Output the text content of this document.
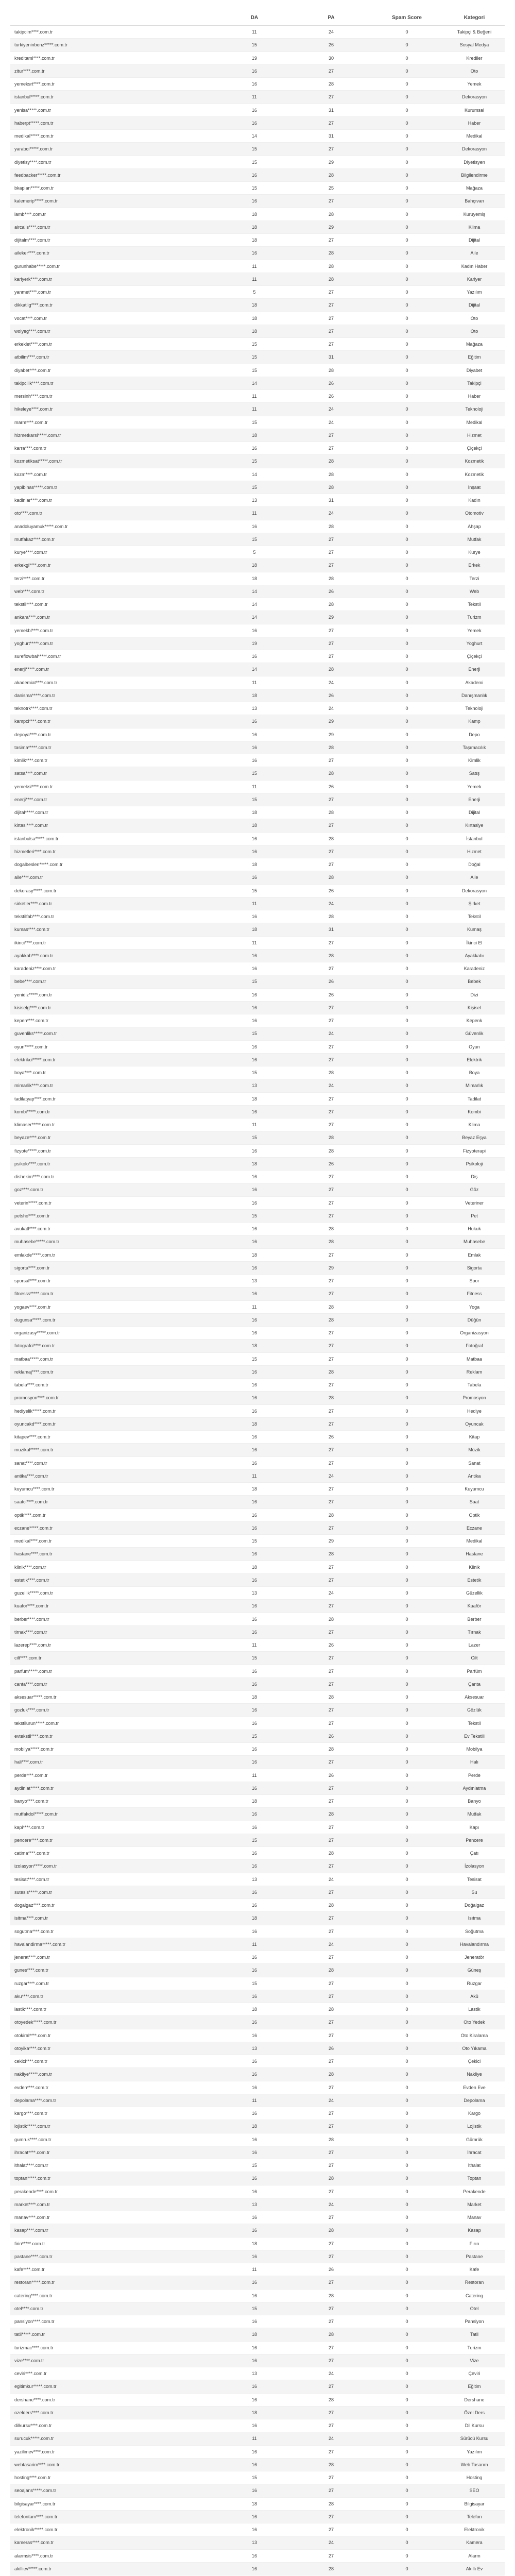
	DA	PA	Spam Score	Kategori
takipcim****.com.tr	11	24	0	Takipçi & Beğeni
turkiyeninbenz*****.com.tr	15	26	0	Sosyal Medya
kreditaml****.com.tr	19	30	0	Krediler
zitur****.com.tr	16	27	0	Oto
yemeksrt****.com.tr	16	28	0	Yemek
istanbul*****.com.tr	11	27	0	Dekorasyon
yenisa*****.com.tr	16	31	0	Kurumsal
haberpt*****.com.tr	16	27	0	Haber
medikal*****.com.tr	14	31	0	Medikal
yaratıcı*****.com.tr	15	27	0	Dekorasyon
diyetisy****.com.tr	15	29	0	Diyetisyen
feedbacker*****.com.tr	16	28	0	Bilgilendirme
bkaplan*****.com.tr	15	25	0	Mağaza
kalemerip*****.com.tr	16	27	0	Bahçıvan
lamb****.com.tr	18	28	0	Kuruyemiş
aircalis****.com.tr	18	29	0	Klima
dijitalm****.com.tr	18	27	0	Dijital
aileker****.com.tr	16	28	0	Aile
gurunhabe*****.com.tr	11	28	0	Kadın Haber
kariyerk****.com.tr	11	28	0	Kariyer
yanmet****.com.tr	5	27	0	Yazılım
dikkatlig****.com.tr	18	27	0	Dijital
vocat****.com.tr	18	27	0	Oto
wolyeg****.com.tr	18	27	0	Oto
erkeklet****.com.tr	15	27	0	Mağaza
atbilim****.com.tr	15	31	0	Eğitim
diyabet****.com.tr	15	28	0	Diyabet
takipcilik****.com.tr	14	26	0	Takipçi
mersinh****.com.tr	11	26	0	Haber
hikeleye****.com.tr	11	24	0	Teknoloji
marm****.com.tr	15	24	0	Medikal
hizmetkarsi*****.com.tr	18	27	0	Hizmet
karra****.com.tr	16	27	0	Çiçekçi
kozmetiksat*****.com.tr	15	28	0	Kozmetik
kozm****.com.tr	14	28	0	Kozmetik
yapibinas*****.com.tr	15	28	0	İnşaat
kadinlar****.com.tr	13	31	0	Kadın
oto****.com.tr	11	24	0	Otomotiv
anadoluyamuk*****.com.tr	16	28	0	Ahşap
mutfakaz****.com.tr	15	27	0	Mutfak
kurye****.com.tr	5	27	0	Kurye
erkekgi****.com.tr	18	27	0	Erkek
terzi****.com.tr	18	28	0	Terzi
web****.com.tr	14	26	0	Web
tekstil****.com.tr	14	28	0	Tekstil
ankara****.com.tr	14	29	0	Turizm
yemekbl****.com.tr	16	27	0	Yemek
yoghurt*****.com.tr	19	27	0	Yoghurt
sureflowbal*****.com.tr	16	27	0	Çiçekçi
enerji*****.com.tr	14	28	0	Enerji
akademiat****.com.tr	11	24	0	Akademi
danisma*****.com.tr	18	26	0	Danışmanlık
teknotrk****.com.tr	13	24	0	Teknoloji
kampci****.com.tr	16	29	0	Kamp
depoya****.com.tr	16	29	0	Depo
tasima*****.com.tr	16	28	0	Taşımacılık
kimlik****.com.tr	16	27	0	Kimlik
satsa****.com.tr	15	28	0	Satış
yemeksi****.com.tr	11	26	0	Yemek
enerji****.com.tr	15	27	0	Enerji
dijital*****.com.tr	18	28	0	Dijital
kirtasi****.com.tr	18	27	0	Kırtasiye
istanbulsa*****.com.tr	16	28	0	İstanbul
hizmetleri****.com.tr	16	27	0	Hizmet
dogalbeslen*****.com.tr	18	27	0	Doğal
aile****.com.tr	16	28	0	Aile
dekorasy*****.com.tr	15	26	0	Dekorasyon
sirketler****.com.tr	11	24	0	Şirket
tekstilfab****.com.tr	16	28	0	Tekstil
kumas****.com.tr	18	31	0	Kumaş
ikinci****.com.tr	11	27	0	İkinci El
ayakkab****.com.tr	16	28	0	Ayakkabı
karadeniz****.com.tr	16	27	0	Karadeniz
bebe****.com.tr	15	26	0	Bebek
yenidiz*****.com.tr	16	26	0	Dizi
kisiselg****.com.tr	16	27	0	Kişisel
kepen****.com.tr	16	27	0	Kepenk
guvenliks*****.com.tr	15	24	0	Güvenlik
oyun*****.com.tr	16	27	0	Oyun
elektrikci*****.com.tr	16	27	0	Elektrik
boya****.com.tr	15	28	0	Boya
mimarlik****.com.tr	13	24	0	Mimarlık
tadilatyap****.com.tr	18	27	0	Tadilat
kombi*****.com.tr	16	27	0	Kombi
klimaser*****.com.tr	11	27	0	Klima
beyaze****.com.tr	15	28	0	Beyaz Eşya
fizyote*****.com.tr	16	28	0	Fizyoterapi
psikolo****.com.tr	18	26	0	Psikoloji
dishekim****.com.tr	16	27	0	Diş
goz****.com.tr	16	27	0	Göz
veterin*****.com.tr	16	27	0	Veteriner
petsho****.com.tr	15	27	0	Pet
avukatl****.com.tr	16	28	0	Hukuk
muhasebe*****.com.tr	16	28	0	Muhasebe
emlakde*****.com.tr	18	27	0	Emlak
sigorta****.com.tr	16	29	0	Sigorta
sporsal****.com.tr	13	27	0	Spor
fitnesss*****.com.tr	16	27	0	Fitness
yogaev****.com.tr	11	28	0	Yoga
dugunsa*****.com.tr	16	28	0	Düğün
organizasy*****.com.tr	16	27	0	Organizasyon
fotografci****.com.tr	18	27	0	Fotoğraf
matbaa*****.com.tr	15	27	0	Matbaa
reklamaj****.com.tr	16	28	0	Reklam
tabela****.com.tr	16	27	0	Tabela
promosyon****.com.tr	16	28	0	Promosyon
hediyelik*****.com.tr	16	27	0	Hediye
oyuncakd****.com.tr	18	27	0	Oyuncak
kitapev****.com.tr	16	26	0	Kitap
muzikal*****.com.tr	16	27	0	Müzik
sanat****.com.tr	16	27	0	Sanat
antika****.com.tr	11	24	0	Antika
kuyumcu****.com.tr	18	27	0	Kuyumcu
saatci****.com.tr	16	27	0	Saat
optik****.com.tr	16	28	0	Optik
eczane*****.com.tr	16	27	0	Eczane
medikal****.com.tr	15	29	0	Medikal
hastane****.com.tr	16	28	0	Hastane
klinik****.com.tr	18	27	0	Klinik
estetik****.com.tr	16	27	0	Estetik
guzellik*****.com.tr	13	24	0	Güzellik
kuafor****.com.tr	16	27	0	Kuaför
berber****.com.tr	16	28	0	Berber
tirnak****.com.tr	16	27	0	Tırnak
lazerep****.com.tr	11	26	0	Lazer
cilt****.com.tr	15	27	0	Cilt
parfum*****.com.tr	16	27	0	Parfüm
canta****.com.tr	16	27	0	Çanta
aksesuar*****.com.tr	18	28	0	Aksesuar
gozluk****.com.tr	16	27	0	Gözlük
tekstilurun*****.com.tr	16	27	0	Tekstil
evtekstil****.com.tr	15	26	0	Ev Tekstili
mobilya*****.com.tr	16	28	0	Mobilya
hali****.com.tr	16	27	0	Halı
perde****.com.tr	11	26	0	Perde
aydinlat*****.com.tr	16	27	0	Aydınlatma
banyo****.com.tr	18	27	0	Banyo
mutfakdol*****.com.tr	16	28	0	Mutfak
kapi****.com.tr	16	27	0	Kapı
pencere****.com.tr	15	27	0	Pencere
catima****.com.tr	16	28	0	Çatı
izolasyon*****.com.tr	16	27	0	İzolasyon
tesisat****.com.tr	13	24	0	Tesisat
sutesis*****.com.tr	16	27	0	Su
dogalgaz****.com.tr	16	28	0	Doğalgaz
isitma****.com.tr	18	27	0	Isıtma
sogutma****.com.tr	16	27	0	Soğutma
havalandirma*****.com.tr	11	24	0	Havalandırma
jenerat****.com.tr	16	27	0	Jeneratör
gunes****.com.tr	16	28	0	Güneş
ruzgar****.com.tr	15	27	0	Rüzgar
aku****.com.tr	16	27	0	Akü
lastik****.com.tr	18	28	0	Lastik
otoyedek*****.com.tr	16	27	0	Oto Yedek
otokiral****.com.tr	16	27	0	Oto Kiralama
otoyika****.com.tr	13	26	0	Oto Yıkama
cekici****.com.tr	16	27	0	Çekici
nakliye*****.com.tr	16	28	0	Nakliye
evden****.com.tr	16	27	0	Evden Eve
depolama****.com.tr	11	24	0	Depolama
kargo****.com.tr	16	27	0	Kargo
lojistik*****.com.tr	18	27	0	Lojistik
gumruk****.com.tr	16	28	0	Gümrük
ihracat****.com.tr	16	27	0	İhracat
ithalat****.com.tr	15	27	0	İthalat
toptan*****.com.tr	16	28	0	Toptan
perakende****.com.tr	16	27	0	Perakende
market****.com.tr	13	24	0	Market
manav****.com.tr	16	27	0	Manav
kasap****.com.tr	16	28	0	Kasap
firin*****.com.tr	18	27	0	Fırın
pastane****.com.tr	16	27	0	Pastane
kafe****.com.tr	11	26	0	Kafe
restoran*****.com.tr	16	27	0	Restoran
catering****.com.tr	16	28	0	Catering
otel****.com.tr	15	27	0	Otel
pansiyon****.com.tr	16	27	0	Pansiyon
tatil*****.com.tr	18	28	0	Tatil
turizmac****.com.tr	16	27	0	Turizm
vize****.com.tr	16	27	0	Vize
ceviri****.com.tr	13	24	0	Çeviri
egitimkur*****.com.tr	16	27	0	Eğitim
dershane****.com.tr	16	28	0	Dershane
ozelders****.com.tr	18	27	0	Özel Ders
dilkursu****.com.tr	16	27	0	Dil Kursu
surucuk*****.com.tr	11	24	0	Sürücü Kursu
yazilimev****.com.tr	16	27	0	Yazılım
webtasarim****.com.tr	16	28	0	Web Tasarım
hosting****.com.tr	15	27	0	Hosting
seoajans*****.com.tr	16	27	0	SEO
bilgisayar****.com.tr	18	28	0	Bilgisayar
telefontam****.com.tr	16	27	0	Telefon
elektronik*****.com.tr	16	27	0	Elektronik
kameras****.com.tr	13	24	0	Kamera
alarmsis****.com.tr	16	27	0	Alarm
akilliev*****.com.tr	16	28	0	Akıllı Ev
